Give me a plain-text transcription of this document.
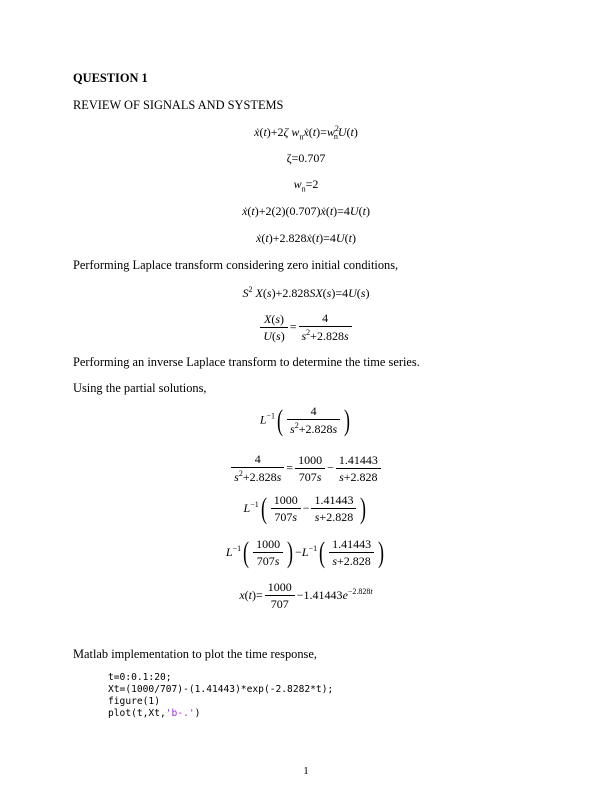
QUESTION 1
REVIEW OF SIGNALS AND SYSTEMS
ẋ(t)+2ζ $w_nẋ(t)=w^2_nU(t)$
ζ=0.707
$w_n=2$
ẋ(t)+2(2)(0.707)ẋ(t)=4U(t)
ẋ(t)+2.828ẋ(t)=4U(t)
Performing Laplace transform considering zero initial conditions,
$S^2$ X(s)+2.828SX(s)=4U(s)
$\frac{X(s)}{U(s)} = \frac{4}{s^2+2.828s}$
Performing an inverse Laplace transform to determine the time series.
Using the partial solutions,
$L^{-1}( \frac{4}{s^2+2.828s}$ )
$\frac{4}{s^2+2.828s} = \frac{1000}{707s} - \frac{1.41443}{s+2.828}$
$L^{-1}( \frac{1000}{707s} - \frac{1.41443}{s+2.828}$ )
$L^{-1}( \frac{1000}{707s}$ ) $-L^{-1}( \frac{1.41443}{s+2.828}$ )
$x(t)= \frac{1000}{707} -1.41443e^{-2.828t}$
Matlab implementation to plot the time response,
t=0:0.1:20;
Xt=(1000/707)-(1.41443)*exp(-2.8282*t);
figure(1)
plot(t,Xt,'b-.')
1
